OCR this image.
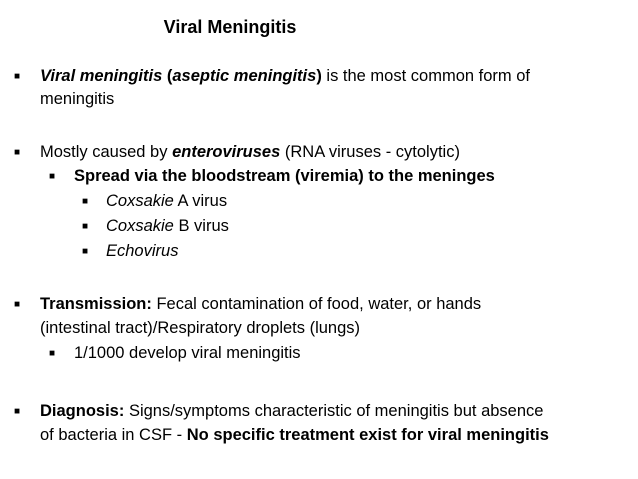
Viral Meningitis
■ Viral meningitis (aseptic meningitis) is the most common form of
meningitis
■ Mostly caused by enteroviruses (RNA viruses - cytolytic)
■ Spread via the bloodstream (viremia) to the meninges
■ Coxsakie A virus
■ Coxsakie B virus
■ Echovirus
■ Transmission: Fecal contamination of food, water, or hands
(intestinal tract)/Respiratory droplets (lungs)
■ 1/1000 develop viral meningitis
■ Diagnosis: Signs/symptoms characteristic of meningitis but absence
of bacteria in CSF - No specific treatment exist for viral meningitis
